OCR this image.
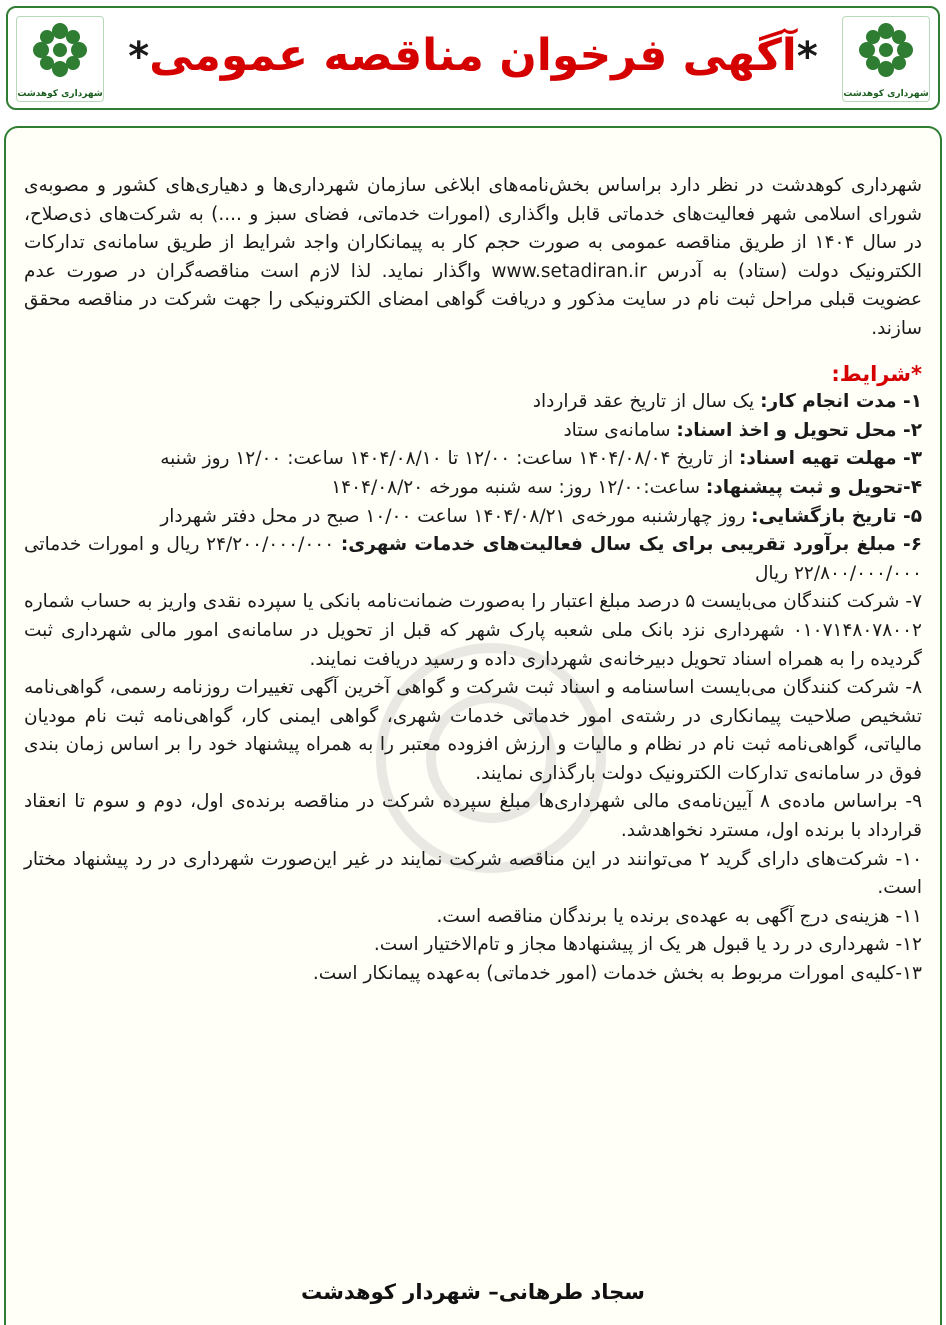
شهرداری کوهدشت
شهرداری کوهدشت
*آگهی فرخوان مناقصه عمومی*

شهرداری کوهدشت در نظر دارد براساس بخش‌نامه‌های ابلاغی سازمان شهرداری‌ها و دهیاری‌های کشور و مصوبه‌ی شورای اسلامی شهر فعالیت‌های خدماتی قابل واگذاری (امورات خدماتی، فضای سبز و ....) به شرکت‌های ذی‌صلاح، در سال ۱۴۰۴ از طریق مناقصه عمومی به صورت حجم کار به پیمانکاران واجد شرایط از طریق سامانه‌ی تدارکات الکترونیک دولت (ستاد) به آدرس www.setadiran.ir واگذار نماید. لذا لازم است مناقصه‌گران در صورت عدم عضویت قبلی مراحل ثبت نام در سایت مذکور و دریافت گواهی امضای الکترونیکی را جهت شرکت در مناقصه محقق سازند.

*شرایط:

۱- مدت انجام کار: یک سال از تاریخ عقد قرارداد

۲- محل تحویل و اخذ اسناد: سامانه‌ی ستاد

۳- مهلت تهیه اسناد: از تاریخ ۱۴۰۴/۰۸/۰۴ ساعت: ۱۲/۰۰ تا ۱۴۰۴/۰۸/۱۰ ساعت: ۱۲/۰۰ روز شنبه

۴-تحویل و ثبت پیشنهاد: ساعت:۱۲/۰۰ روز: سه شنبه مورخه ۱۴۰۴/۰۸/۲۰

۵- تاریخ بازگشایی: روز چهارشنبه مورخه‌ی ۱۴۰۴/۰۸/۲۱ ساعت ۱۰/۰۰ صبح در محل دفتر شهردار

۶- مبلغ برآورد تقریبی برای یک سال فعالیت‌های خدمات شهری: ۲۴/۲۰۰/۰۰۰/۰۰۰ ریال و امورات خدماتی ۲۲/۸۰۰/۰۰۰/۰۰۰ ریال

۷- شرکت کنندگان می‌بایست ۵ درصد مبلغ اعتبار را به‌صورت ضمانت‌نامه بانکی یا سپرده نقدی واریز به حساب شماره ۰۱۰۷۱۴۸۰۷۸۰۰۲ شهرداری نزد بانک ملی شعبه پارک شهر که قبل از تحویل در سامانه‌ی امور مالی شهرداری ثبت گردیده را به همراه اسناد تحویل دبیرخانه‌ی شهرداری داده و رسید دریافت نمایند.

۸- شرکت کنندگان می‌بایست اساسنامه و اسناد ثبت شرکت و گواهی آخرین آگهی تغییرات روزنامه رسمی، گواهی‌نامه تشخیص صلاحیت پیمانکاری در رشته‌ی امور خدماتی خدمات شهری، گواهی ایمنی کار، گواهی‌نامه ثبت نام مودیان مالیاتی، گواهی‌نامه ثبت نام در نظام و مالیات و ارزش افزوده معتبر را به همراه پیشنهاد خود را بر اساس زمان بندی فوق در سامانه‌ی تدارکات الکترونیک دولت بارگذاری نمایند.

۹- براساس ماده‌ی ۸ آیین‌نامه‌ی مالی شهرداری‌ها مبلغ سپرده شرکت در مناقصه برنده‌ی اول، دوم و سوم تا انعقاد قرارداد با برنده اول، مسترد نخواهدشد.

۱۰- شرکت‌های دارای گرید ۲ می‌توانند در این مناقصه شرکت نمایند در غیر این‌صورت شهرداری در رد پیشنهاد مختار است.

۱۱- هزینه‌ی درج آگهی به عهده‌ی برنده یا برندگان مناقصه است.

۱۲- شهرداری در رد یا قبول هر یک از پیشنهادها مجاز و تام‌الاختیار است.

۱۳-کلیه‌ی امورات مربوط به بخش خدمات (امور خدماتی) به‌عهده پیمانکار است.

سجاد طرهانی– شهردار کوهدشت
